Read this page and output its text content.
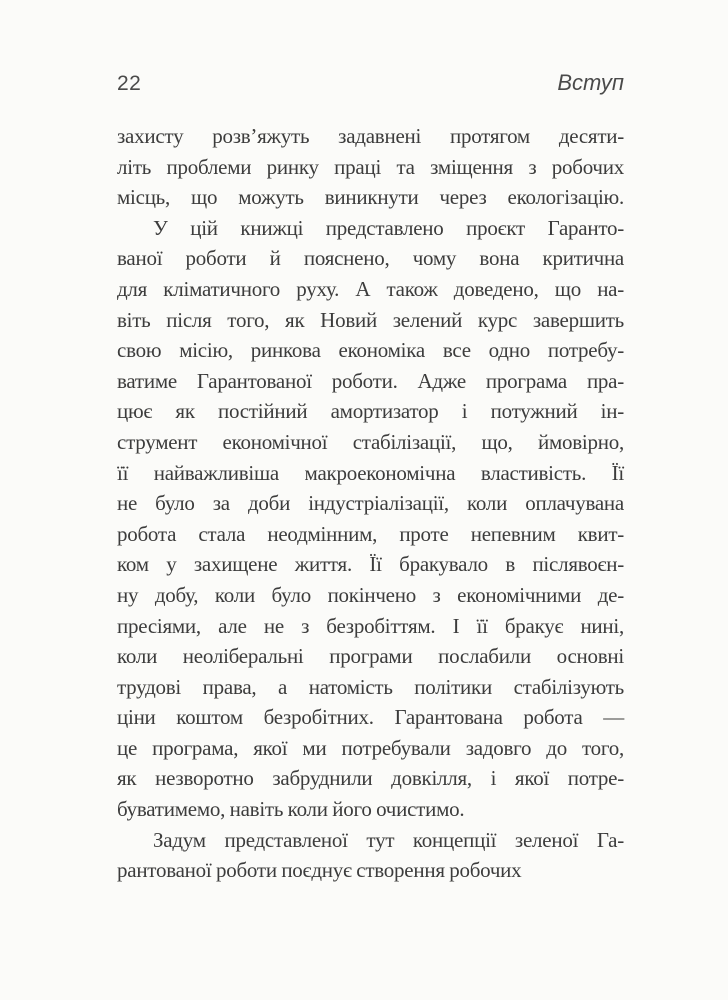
22	Вступ
захисту розв’яжуть задавнені протягом десяти-
літь проблеми ринку праці та зміщення з робочих
місць, що можуть виникнути через екологізацію.
У цій книжці представлено проєкт Гаранто-
ваної роботи й пояснено, чому вона критична
для кліматичного руху. А також доведено, що на-
віть після того, як Новий зелений курс завершить
свою місію, ринкова економіка все одно потребу-
ватиме Гарантованої роботи. Адже програма пра-
цює як постійний амортизатор і потужний ін-
струмент економічної стабілізації, що, ймовірно,
її найважливіша макроекономічна властивість. Її
не було за доби індустріалізації, коли оплачувана
робота стала неодмінним, проте непевним квит-
ком у захищене життя. Її бракувало в післявоєн-
ну добу, коли було покінчено з економічними де-
пресіями, але не з безробіттям. І її бракує нині,
коли неоліберальні програми послабили основні
трудові права, а натомість політики стабілізують
ціни коштом безробітних. Гарантована робота —
це програма, якої ми потребували задовго до того,
як незворотно забруднили довкілля, і якої потре-
буватимемо, навіть коли його очистимо.
Задум представленої тут концепції зеленої Га-
рантованої роботи поєднує створення робочих
